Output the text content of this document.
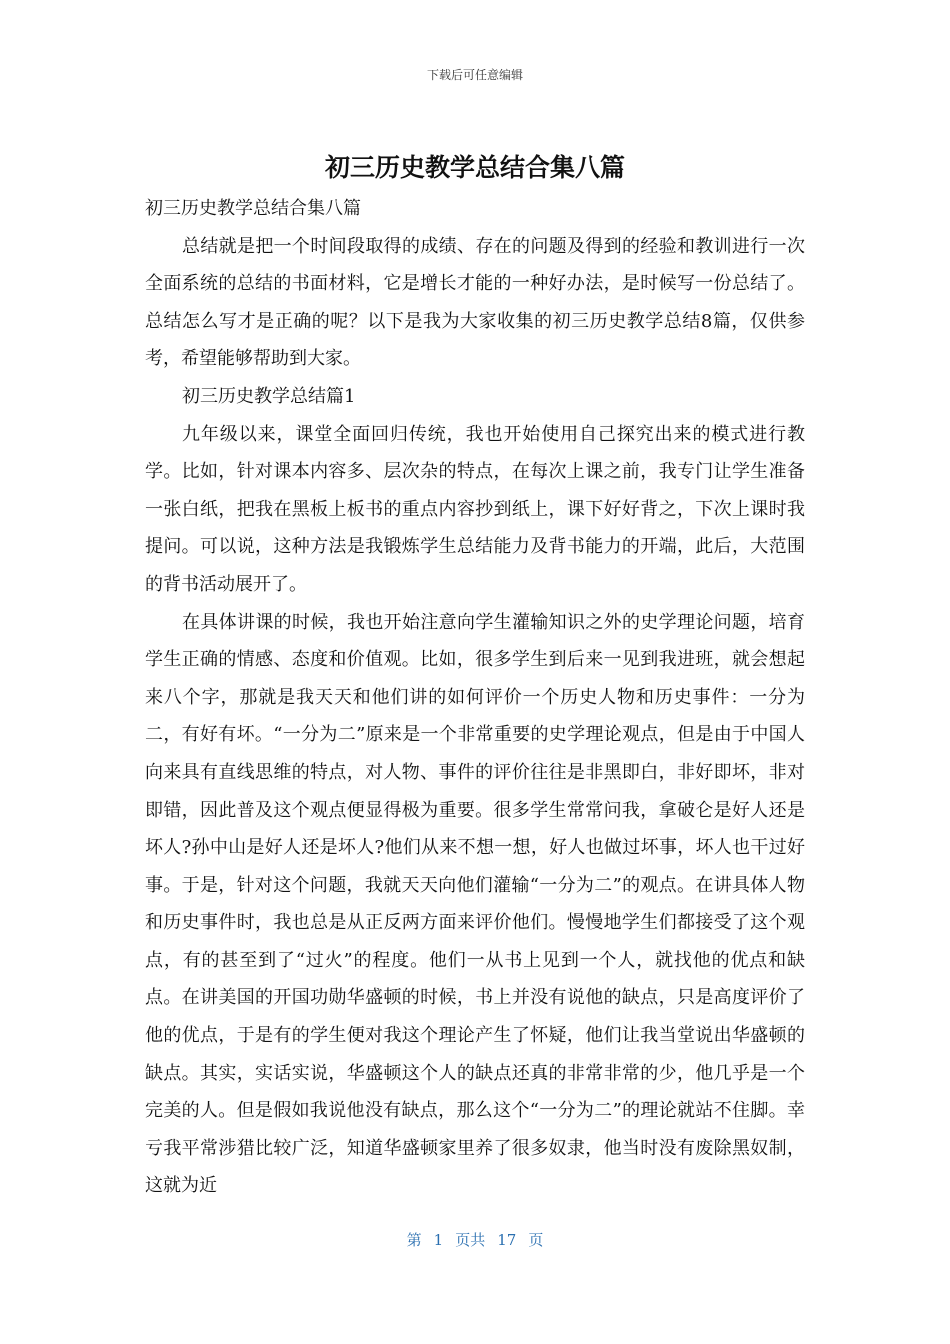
下载后可任意编辑
初三历史教学总结合集八篇

初三历史教学总结合集八篇

总结就是把一个时间段取得的成绩、存在的问题及得到的经验和教训进行一次全面系统的总结的书面材料，它是增长才能的一种好办法，是时候写一份总结了。总结怎么写才是正确的呢？以下是我为大家收集的初三历史教学总结8篇，仅供参考，希望能够帮助到大家。

初三历史教学总结篇1

九年级以来，课堂全面回归传统，我也开始使用自己探究出来的模式进行教学。比如，针对课本内容多、层次杂的特点，在每次上课之前，我专门让学生准备一张白纸，把我在黑板上板书的重点内容抄到纸上，课下好好背之，下次上课时我提问。可以说，这种方法是我锻炼学生总结能力及背书能力的开端，此后，大范围的背书活动展开了。

在具体讲课的时候，我也开始注意向学生灌输知识之外的史学理论问题，培育学生正确的情感、态度和价值观。比如，很多学生到后来一见到我进班，就会想起来八个字，那就是我天天和他们讲的如何评价一个历史人物和历史事件：一分为二，有好有坏。“一分为二”原来是一个非常重要的史学理论观点，但是由于中国人向来具有直线思维的特点，对人物、事件的评价往往是非黑即白，非好即坏，非对即错，因此普及这个观点便显得极为重要。很多学生常常问我，拿破仑是好人还是坏人?孙中山是好人还是坏人?他们从来不想一想，好人也做过坏事，坏人也干过好事。于是，针对这个问题，我就天天向他们灌输“一分为二”的观点。在讲具体人物和历史事件时，我也总是从正反两方面来评价他们。慢慢地学生们都接受了这个观点，有的甚至到了“过火”的程度。他们一从书上见到一个人，就找他的优点和缺点。在讲美国的开国功勋华盛顿的时候，书上并没有说他的缺点，只是高度评价了他的优点，于是有的学生便对我这个理论产生了怀疑，他们让我当堂说出华盛顿的缺点。其实，实话实说，华盛顿这个人的缺点还真的非常非常的少，他几乎是一个完美的人。但是假如我说他没有缺点，那么这个“一分为二”的理论就站不住脚。幸亏我平常涉猎比较广泛，知道华盛顿家里养了很多奴隶，他当时没有废除黑奴制，这就为近

第 1 页共 17 页
